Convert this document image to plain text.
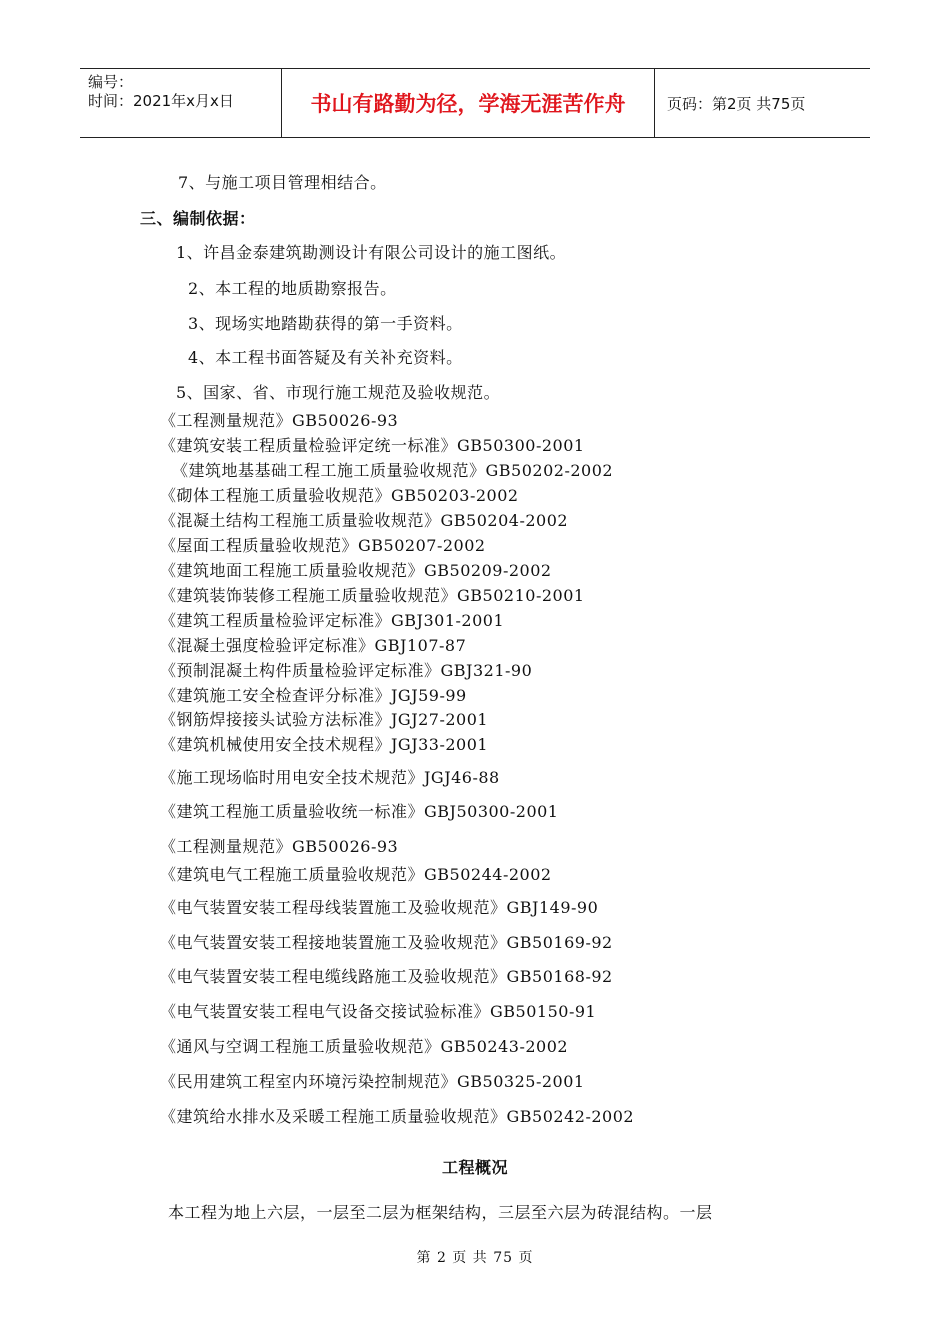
编号：
时间：2021年x月x日	书山有路勤为径，学海无涯苦作舟	页码：第2页 共75页
7、与施工项目管理相结合。
三、编制依据：
1、许昌金泰建筑勘测设计有限公司设计的施工图纸。
2、本工程的地质勘察报告。
3、现场实地踏勘获得的第一手资料。
4、本工程书面答疑及有关补充资料。
5、国家、省、市现行施工规范及验收规范。
《工程测量规范》GB50026-93
《建筑安装工程质量检验评定统一标准》GB50300-2001
《建筑地基基础工程工施工质量验收规范》GB50202-2002
《砌体工程施工质量验收规范》GB50203-2002
《混凝土结构工程施工质量验收规范》GB50204-2002
《屋面工程质量验收规范》GB50207-2002
《建筑地面工程施工质量验收规范》GB50209-2002
《建筑装饰装修工程施工质量验收规范》GB50210-2001
《建筑工程质量检验评定标准》GBJ301-2001
《混凝土强度检验评定标准》GBJ107-87
《预制混凝土构件质量检验评定标准》GBJ321-90
《建筑施工安全检查评分标准》JGJ59-99
《钢筋焊接接头试验方法标准》JGJ27-2001
《建筑机械使用安全技术规程》JGJ33-2001
《施工现场临时用电安全技术规范》JGJ46-88
《建筑工程施工质量验收统一标准》GBJ50300-2001
《工程测量规范》GB50026-93
《建筑电气工程施工质量验收规范》GB50244-2002
《电气装置安装工程母线装置施工及验收规范》GBJ149-90
《电气装置安装工程接地装置施工及验收规范》GB50169-92
《电气装置安装工程电缆线路施工及验收规范》GB50168-92
《电气装置安装工程电气设备交接试验标准》GB50150-91
《通风与空调工程施工质量验收规范》GB50243-2002
《民用建筑工程室内环境污染控制规范》GB50325-2001
《建筑给水排水及采暖工程施工质量验收规范》GB50242-2002
工程概况
本工程为地上六层，一层至二层为框架结构，三层至六层为砖混结构。一层
第 2 页 共 75 页
